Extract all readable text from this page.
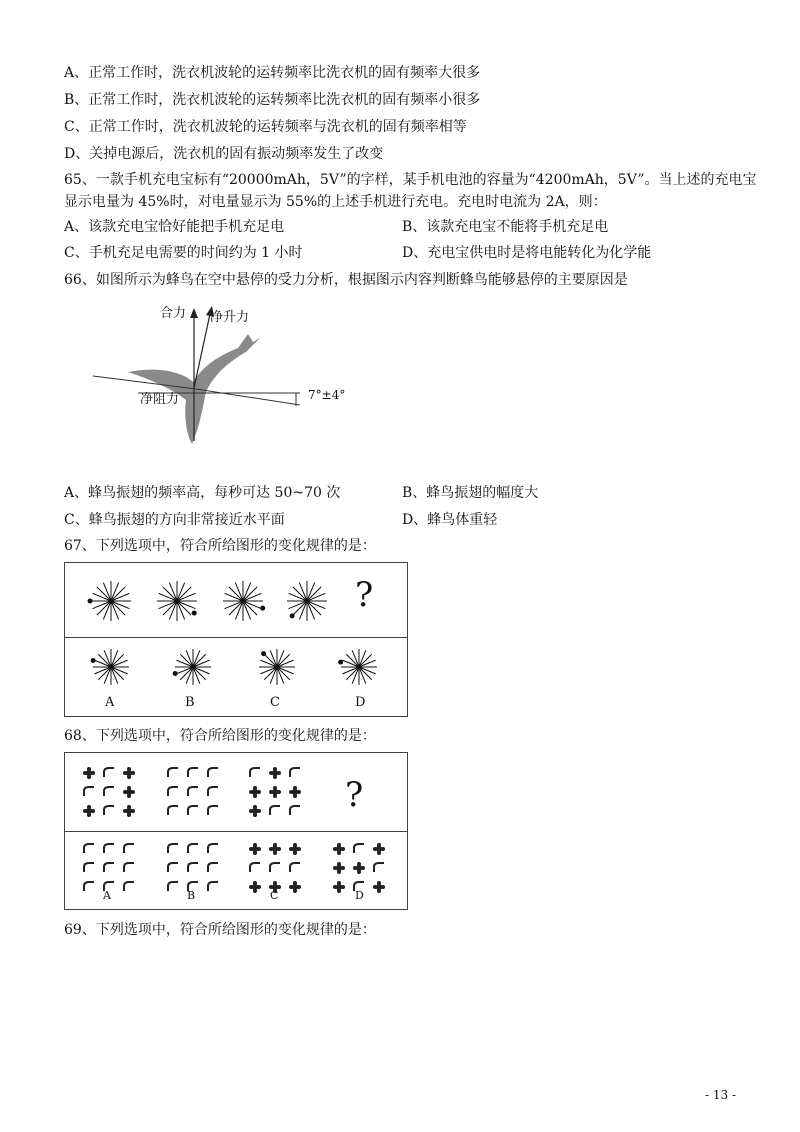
A、正常工作时，洗衣机波轮的运转频率比洗衣机的固有频率大很多
B、正常工作时，洗衣机波轮的运转频率比洗衣机的固有频率小很多
C、正常工作时，洗衣机波轮的运转频率与洗衣机的固有频率相等
D、关掉电源后，洗衣机的固有振动频率发生了改变
65、一款手机充电宝标有“20000mAh，5V”的字样，某手机电池的容量为“4200mAh，5V”。当上述的充电宝
显示电量为 45%时，对电量显示为 55%的上述手机进行充电。充电时电流为 2A，则：
A、该款充电宝恰好能把手机充足电	B、该款充电宝不能将手机充足电
C、手机充足电需要的时间约为 1 小时	D、充电宝供电时是将电能转化为化学能
66、如图所示为蜂鸟在空中悬停的受力分析，根据图示内容判断蜂鸟能够悬停的主要原因是
合力 净升力
净阻力	7°±4°
A、蜂鸟振翅的频率高，每秒可达 50~70 次	B、蜂鸟振翅的幅度大
C、蜂鸟振翅的方向非常接近水平面	D、蜂鸟体重轻
67、下列选项中，符合所给图形的变化规律的是：
?
A	B	C	D
68、下列选项中，符合所给图形的变化规律的是：
?
A	B	C	D
69、下列选项中，符合所给图形的变化规律的是：
- 13 -
